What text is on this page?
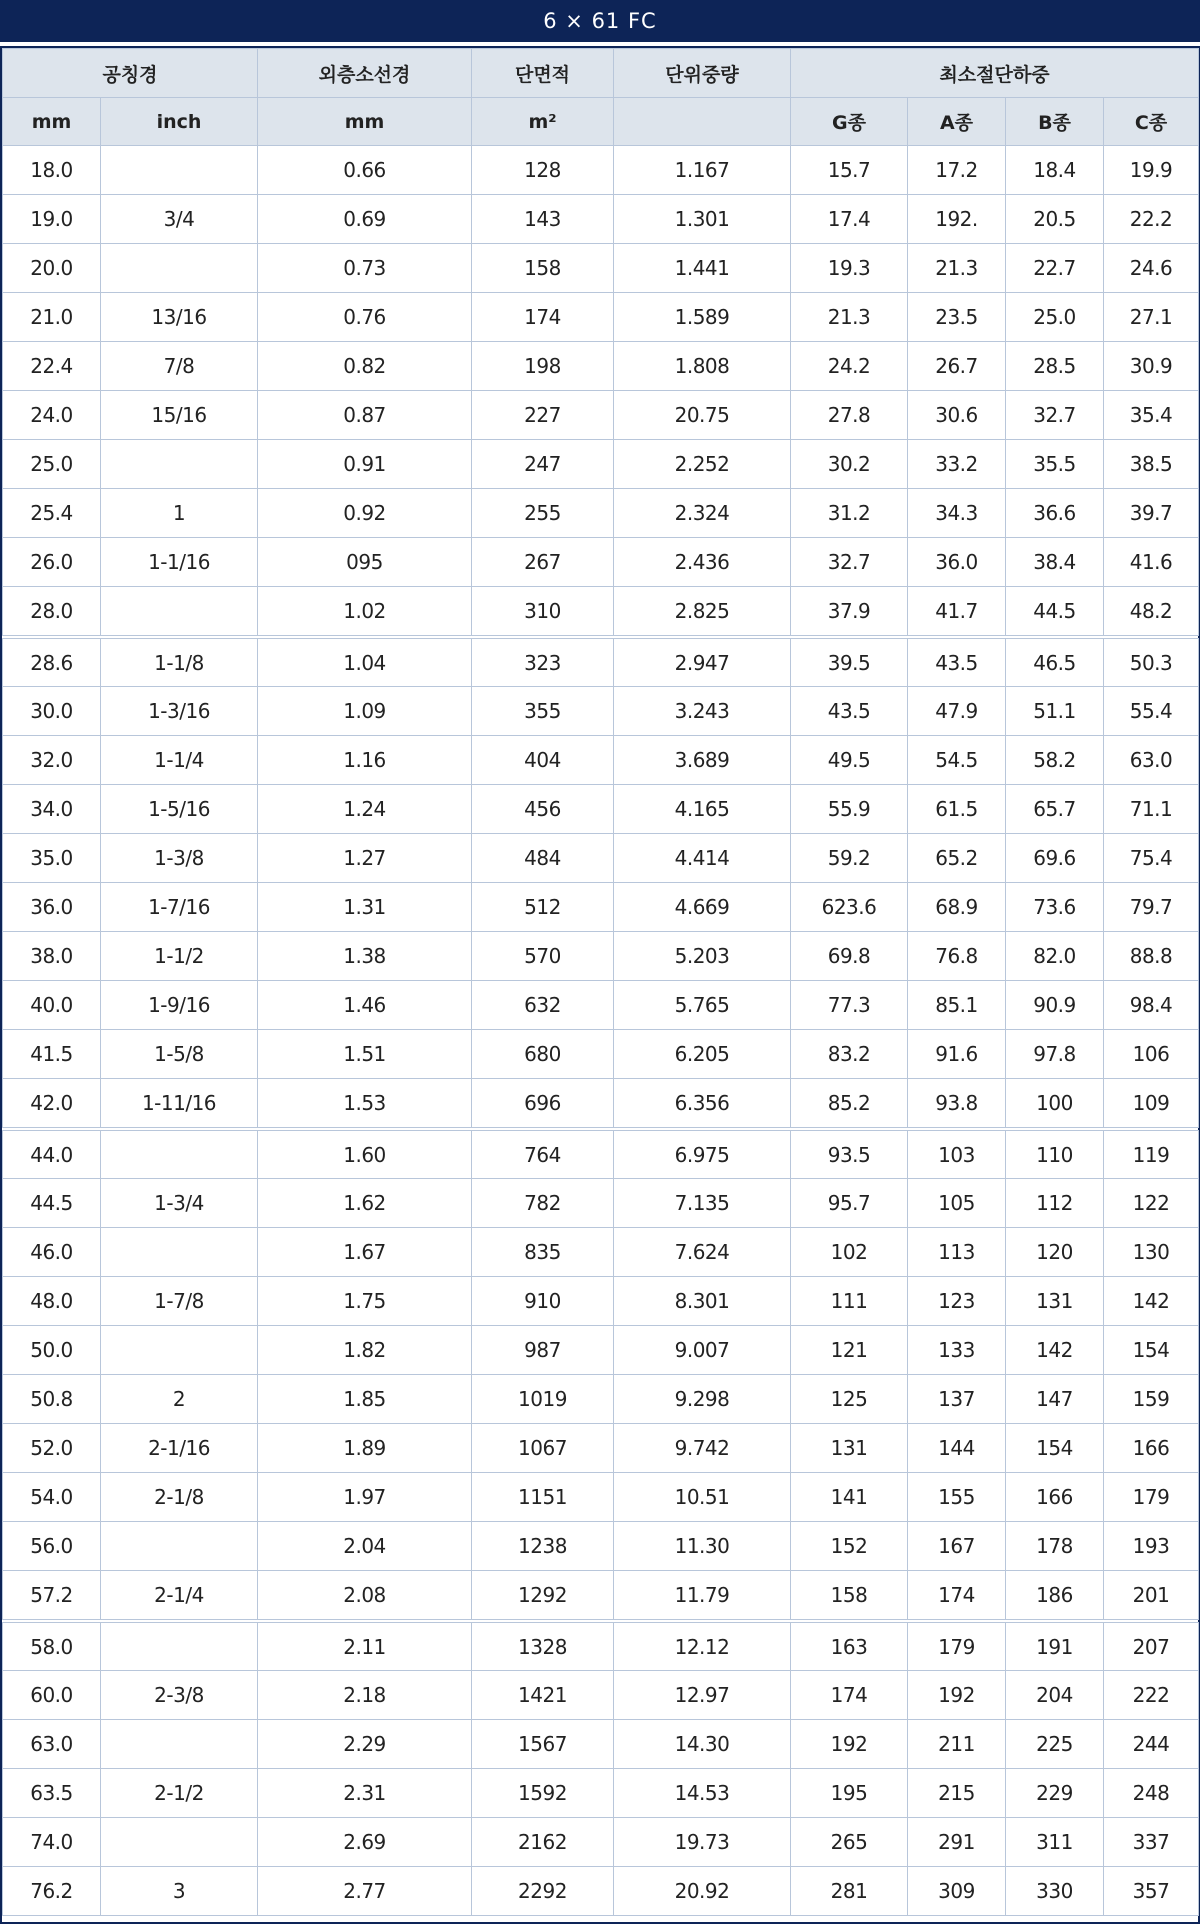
6 × 61 FC
공칭경		외층소선경	단면적	단위중량	최소절단하중			
mm	inch	mm	m²		G종	A종	B종	C종
18.0		0.66	128	1.167	15.7	17.2	18.4	19.9
19.0	3/4	0.69	143	1.301	17.4	192.	20.5	22.2
20.0		0.73	158	1.441	19.3	21.3	22.7	24.6
21.0	13/16	0.76	174	1.589	21.3	23.5	25.0	27.1
22.4	7/8	0.82	198	1.808	24.2	26.7	28.5	30.9
24.0	15/16	0.87	227	20.75	27.8	30.6	32.7	35.4
25.0		0.91	247	2.252	30.2	33.2	35.5	38.5
25.4	1	0.92	255	2.324	31.2	34.3	36.6	39.7
26.0	1-1/16	095	267	2.436	32.7	36.0	38.4	41.6
28.0		1.02	310	2.825	37.9	41.7	44.5	48.2
28.6	1-1/8	1.04	323	2.947	39.5	43.5	46.5	50.3
30.0	1-3/16	1.09	355	3.243	43.5	47.9	51.1	55.4
32.0	1-1/4	1.16	404	3.689	49.5	54.5	58.2	63.0
34.0	1-5/16	1.24	456	4.165	55.9	61.5	65.7	71.1
35.0	1-3/8	1.27	484	4.414	59.2	65.2	69.6	75.4
36.0	1-7/16	1.31	512	4.669	623.6	68.9	73.6	79.7
38.0	1-1/2	1.38	570	5.203	69.8	76.8	82.0	88.8
40.0	1-9/16	1.46	632	5.765	77.3	85.1	90.9	98.4
41.5	1-5/8	1.51	680	6.205	83.2	91.6	97.8	106
42.0	1-11/16	1.53	696	6.356	85.2	93.8	100	109
44.0		1.60	764	6.975	93.5	103	110	119
44.5	1-3/4	1.62	782	7.135	95.7	105	112	122
46.0		1.67	835	7.624	102	113	120	130
48.0	1-7/8	1.75	910	8.301	111	123	131	142
50.0		1.82	987	9.007	121	133	142	154
50.8	2	1.85	1019	9.298	125	137	147	159
52.0	2-1/16	1.89	1067	9.742	131	144	154	166
54.0	2-1/8	1.97	1151	10.51	141	155	166	179
56.0		2.04	1238	11.30	152	167	178	193
57.2	2-1/4	2.08	1292	11.79	158	174	186	201
58.0		2.11	1328	12.12	163	179	191	207
60.0	2-3/8	2.18	1421	12.97	174	192	204	222
63.0		2.29	1567	14.30	192	211	225	244
63.5	2-1/2	2.31	1592	14.53	195	215	229	248
74.0		2.69	2162	19.73	265	291	311	337
76.2	3	2.77	2292	20.92	281	309	330	357
